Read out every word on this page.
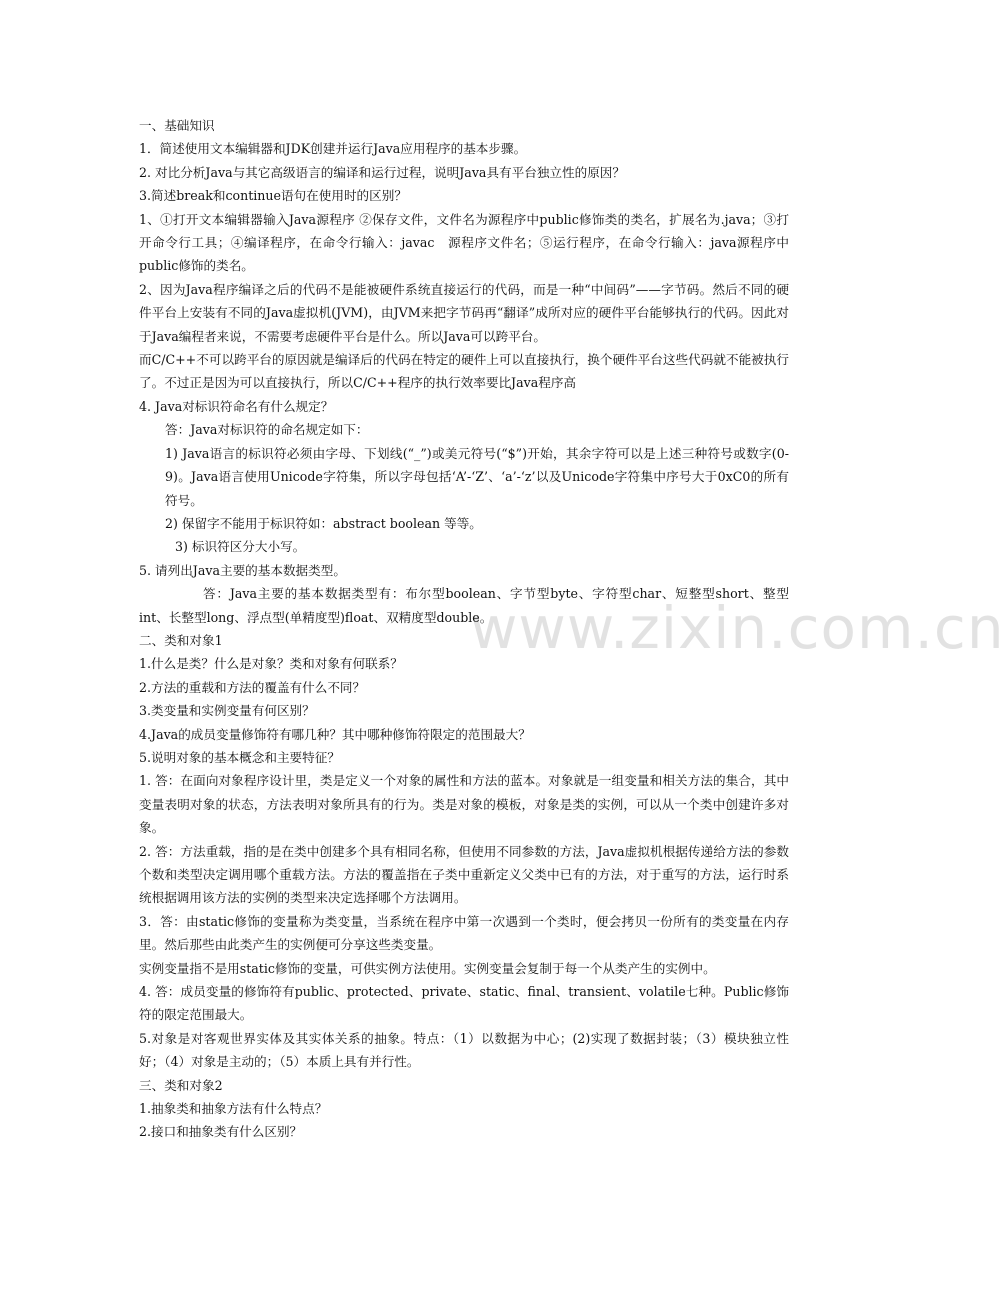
www.zixin.com.cn

一、基础知识

1．简述使用文本编辑器和JDK创建并运行Java应用程序的基本步骤。

2. 对比分析Java与其它高级语言的编译和运行过程，说明Java具有平台独立性的原因？

3.简述break和continue语句在使用时的区别？

1、①打开文本编辑器输入Java源程序 ②保存文件，文件名为源程序中public修饰类的类名，扩展名为.java；③打开命令行工具；④编译程序，在命令行输入：javac　源程序文件名；⑤运行程序，在命令行输入：java源程序中public修饰的类名。

2、因为Java程序编译之后的代码不是能被硬件系统直接运行的代码，而是一种“中间码”——字节码。然后不同的硬件平台上安装有不同的Java虚拟机(JVM)，由JVM来把字节码再“翻译”成所对应的硬件平台能够执行的代码。因此对于Java编程者来说，不需要考虑硬件平台是什么。所以Java可以跨平台。

而C/C++不可以跨平台的原因就是编译后的代码在特定的硬件上可以直接执行，换个硬件平台这些代码就不能被执行了。不过正是因为可以直接执行，所以C/C++程序的执行效率要比Java程序高

4. Java对标识符命名有什么规定？

答：Java对标识符的命名规定如下：

1) Java语言的标识符必须由字母、下划线(“_”)或美元符号(“$”)开始，其余字符可以是上述三种符号或数字(0-9)。Java语言使用Unicode字符集，所以字母包括‘A’-‘Z’、‘a’-‘z’以及Unicode字符集中序号大于0xC0的所有符号。

2) 保留字不能用于标识符如：abstract boolean 等等。

3) 标识符区分大小写。

5. 请列出Java主要的基本数据类型。

答：Java主要的基本数据类型有：布尔型boolean、字节型byte、字符型char、短整型short、整型int、长整型long、浮点型(单精度型)float、双精度型double。

二、类和对象1

1.什么是类？什么是对象？类和对象有何联系？

2.方法的重载和方法的覆盖有什么不同？

3.类变量和实例变量有何区别？

4.Java的成员变量修饰符有哪几种？其中哪种修饰符限定的范围最大？

5.说明对象的基本概念和主要特征？

1. 答：在面向对象程序设计里，类是定义一个对象的属性和方法的蓝本。对象就是一组变量和相关方法的集合，其中变量表明对象的状态，方法表明对象所具有的行为。类是对象的模板，对象是类的实例，可以从一个类中创建许多对象。

2. 答：方法重载，指的是在类中创建多个具有相同名称，但使用不同参数的方法，Java虚拟机根据传递给方法的参数个数和类型决定调用哪个重载方法。方法的覆盖指在子类中重新定义父类中已有的方法，对于重写的方法，运行时系统根据调用该方法的实例的类型来决定选择哪个方法调用。

3．答：由static修饰的变量称为类变量，当系统在程序中第一次遇到一个类时，便会拷贝一份所有的类变量在内存里。然后那些由此类产生的实例便可分享这些类变量。

实例变量指不是用static修饰的变量，可供实例方法使用。实例变量会复制于每一个从类产生的实例中。

4. 答：成员变量的修饰符有public、protected、private、static、final、transient、volatile七种。Public修饰符的限定范围最大。

5.对象是对客观世界实体及其实体关系的抽象。特点：（1）以数据为中心；(2)实现了数据封装；（3）模块独立性好；（4）对象是主动的；（5）本质上具有并行性。

三、类和对象2

1.抽象类和抽象方法有什么特点？

2.接口和抽象类有什么区别？
